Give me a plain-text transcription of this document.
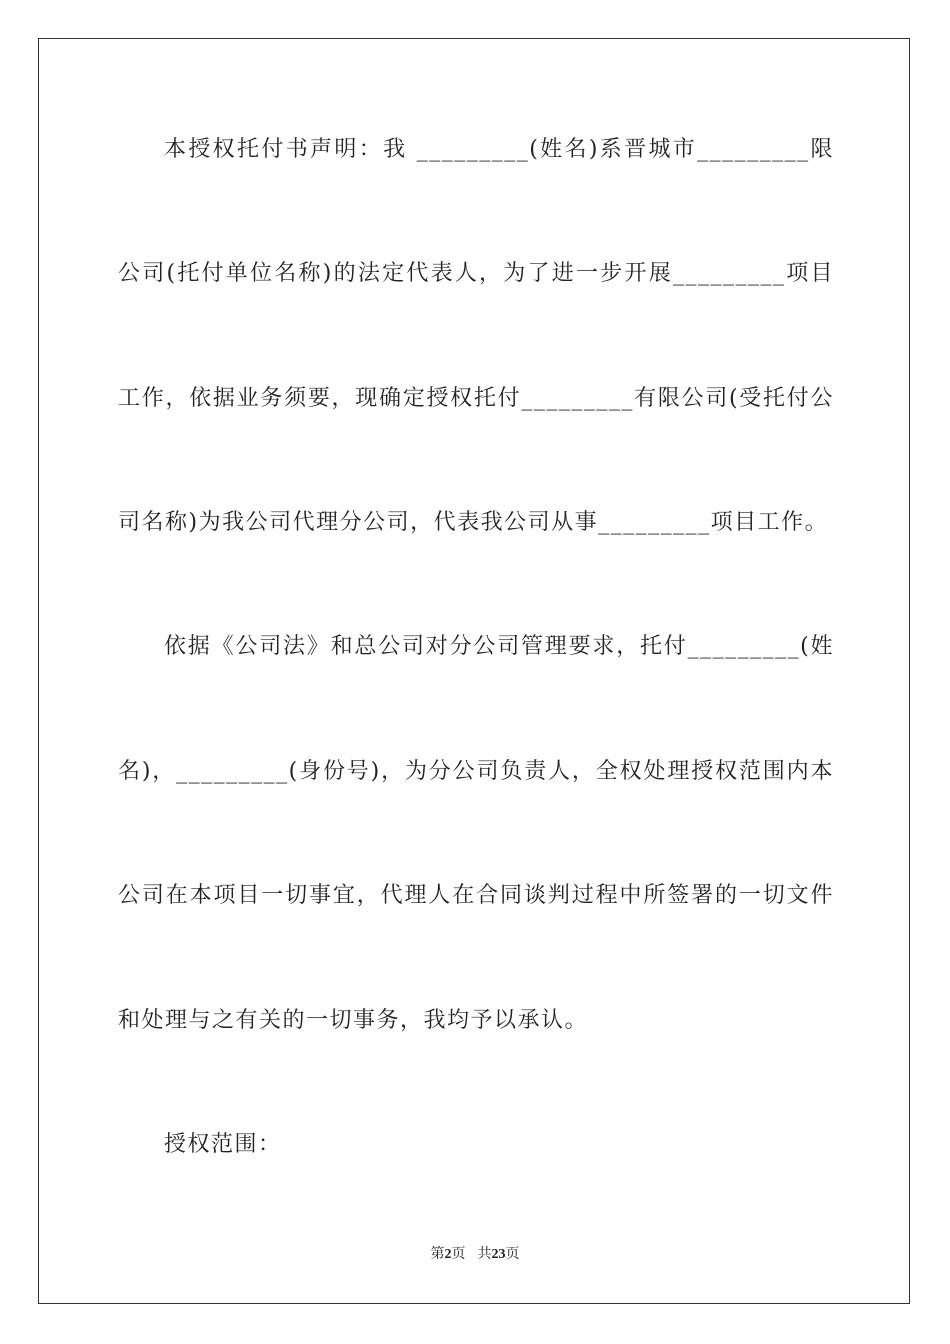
本授权托付书声明：我 _________(姓名)系晋城市_________限
公司(托付单位名称)的法定代表人，为了进一步开展_________项目
工作，依据业务须要，现确定授权托付_________有限公司(受托付公
司名称)为我公司代理分公司，代表我公司从事_________项目工作。
依据《公司法》和总公司对分公司管理要求，托付_________(姓
名)，_________(身份号)，为分公司负责人，全权处理授权范围内本
公司在本项目一切事宜，代理人在合同谈判过程中所签署的一切文件
和处理与之有关的一切事务，我均予以承认。
授权范围：
第2页 共23页
